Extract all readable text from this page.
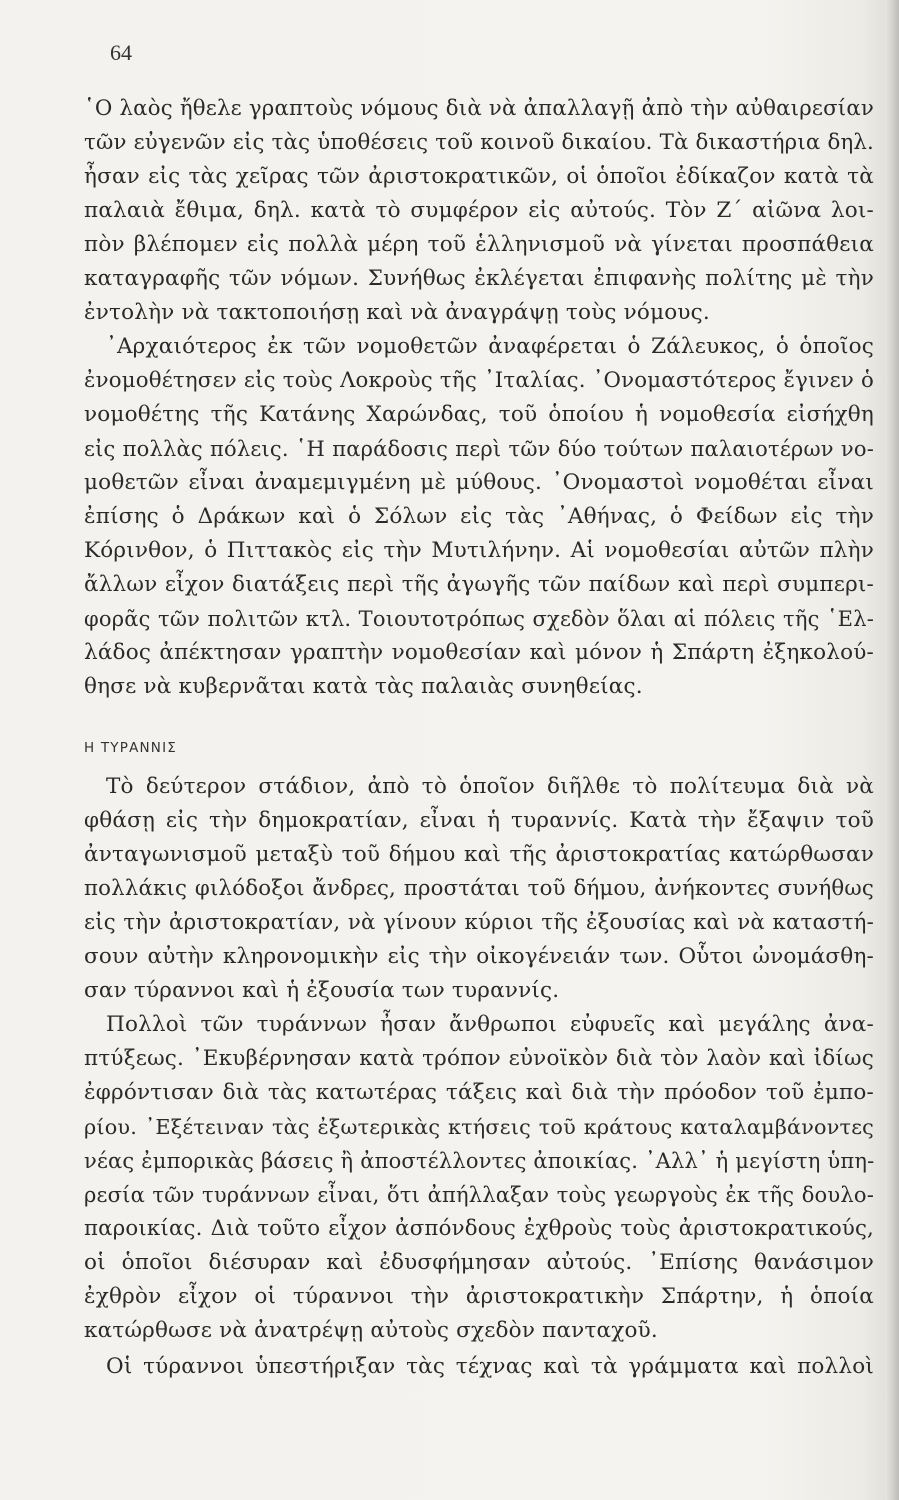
64
῾Ο λαὸς ἤθελε γραπτοὺς νόμους διὰ νὰ ἀπαλλαγῇ ἀπὸ τὴν αὐθαιρεσίαν
τῶν εὐγενῶν εἰς τὰς ὑποθέσεις τοῦ κοινοῦ δικαίου. Τὰ δικαστήρια δηλ.
ἦσαν εἰς τὰς χεῖρας τῶν ἀριστοκρατικῶν, οἱ ὁποῖοι ἐδίκαζον κατὰ τὰ
παλαιὰ ἔθιμα, δηλ. κατὰ τὸ συμφέρον εἰς αὐτούς. Τὸν Ζ΄ αἰῶνα λοι-
πὸν βλέπομεν εἰς πολλὰ μέρη τοῦ ἑλληνισμοῦ νὰ γίνεται προσπάθεια
καταγραφῆς τῶν νόμων. Συνήθως ἐκλέγεται ἐπιφανὴς πολίτης μὲ τὴν
ἐντολὴν νὰ τακτοποιήσῃ καὶ νὰ ἀναγράψῃ τοὺς νόμους.
᾿Αρχαιότερος ἐκ τῶν νομοθετῶν ἀναφέρεται ὁ Ζάλευκος, ὁ ὁποῖος
ἐνομοθέτησεν εἰς τοὺς Λοκροὺς τῆς ᾿Ιταλίας. ᾿Ονομαστότερος ἔγινεν ὁ
νομοθέτης τῆς Κατάνης Χαρώνδας, τοῦ ὁποίου ἡ νομοθεσία εἰσήχθη
εἰς πολλὰς πόλεις. ῾Η παράδοσις περὶ τῶν δύο τούτων παλαιοτέρων νο-
μοθετῶν εἶναι ἀναμεμιγμένη μὲ μύθους. ᾿Ονομαστοὶ νομοθέται εἶναι
ἐπίσης ὁ Δράκων καὶ ὁ Σόλων εἰς τὰς ᾿Αθήνας, ὁ Φείδων εἰς τὴν
Κόρινθον, ὁ Πιττακὸς εἰς τὴν Μυτιλήνην. Αἱ νομοθεσίαι αὐτῶν πλὴν
ἄλλων εἶχον διατάξεις περὶ τῆς ἀγωγῆς τῶν παίδων καὶ περὶ συμπερι-
φορᾶς τῶν πολιτῶν κτλ. Τοιουτοτρόπως σχεδὸν ὅλαι αἱ πόλεις τῆς ῾Ελ-
λάδος ἀπέκτησαν γραπτὴν νομοθεσίαν καὶ μόνον ἡ Σπάρτη ἐξηκολού-
θησε νὰ κυβερνᾶται κατὰ τὰς παλαιὰς συνηθείας.
Η ΤΥΡΑΝΝΙΣ
Τὸ δεύτερον στάδιον, ἀπὸ τὸ ὁποῖον διῆλθε τὸ πολίτευμα διὰ νὰ
φθάσῃ εἰς τὴν δημοκρατίαν, εἶναι ἡ τυραννίς. Κατὰ τὴν ἔξαψιν τοῦ
ἀνταγωνισμοῦ μεταξὺ τοῦ δήμου καὶ τῆς ἀριστοκρατίας κατώρθωσαν
πολλάκις φιλόδοξοι ἄνδρες, προστάται τοῦ δήμου, ἀνήκοντες συνήθως
εἰς τὴν ἀριστοκρατίαν, νὰ γίνουν κύριοι τῆς ἐξουσίας καὶ νὰ καταστή-
σουν αὐτὴν κληρονομικὴν εἰς τὴν οἰκογένειάν των. Οὗτοι ὠνομάσθη-
σαν τύραννοι καὶ ἡ ἐξουσία των τυραννίς.
Πολλοὶ τῶν τυράννων ἦσαν ἄνθρωποι εὐφυεῖς καὶ μεγάλης ἀνα-
πτύξεως. ᾿Εκυβέρνησαν κατὰ τρόπον εὐνοϊκὸν διὰ τὸν λαὸν καὶ ἰδίως
ἐφρόντισαν διὰ τὰς κατωτέρας τάξεις καὶ διὰ τὴν πρόοδον τοῦ ἐμπο-
ρίου. ᾿Εξέτειναν τὰς ἐξωτερικὰς κτήσεις τοῦ κράτους καταλαμβάνοντες
νέας ἐμπορικὰς βάσεις ἢ ἀποστέλλοντες ἀποικίας. ᾿Αλλ᾿ ἡ μεγίστη ὑπη-
ρεσία τῶν τυράννων εἶναι, ὅτι ἀπήλλαξαν τοὺς γεωργοὺς ἐκ τῆς δουλο-
παροικίας. Διὰ τοῦτο εἶχον ἀσπόνδους ἐχθροὺς τοὺς ἀριστοκρατικούς,
οἱ ὁποῖοι διέσυραν καὶ ἐδυσφήμησαν αὐτούς. ᾿Επίσης θανάσιμον
ἐχθρὸν εἶχον οἱ τύραννοι τὴν ἀριστοκρατικὴν Σπάρτην, ἡ ὁποία
κατώρθωσε νὰ ἀνατρέψῃ αὐτοὺς σχεδὸν πανταχοῦ.
Οἱ τύραννοι ὑπεστήριξαν τὰς τέχνας καὶ τὰ γράμματα καὶ πολλοὶ
